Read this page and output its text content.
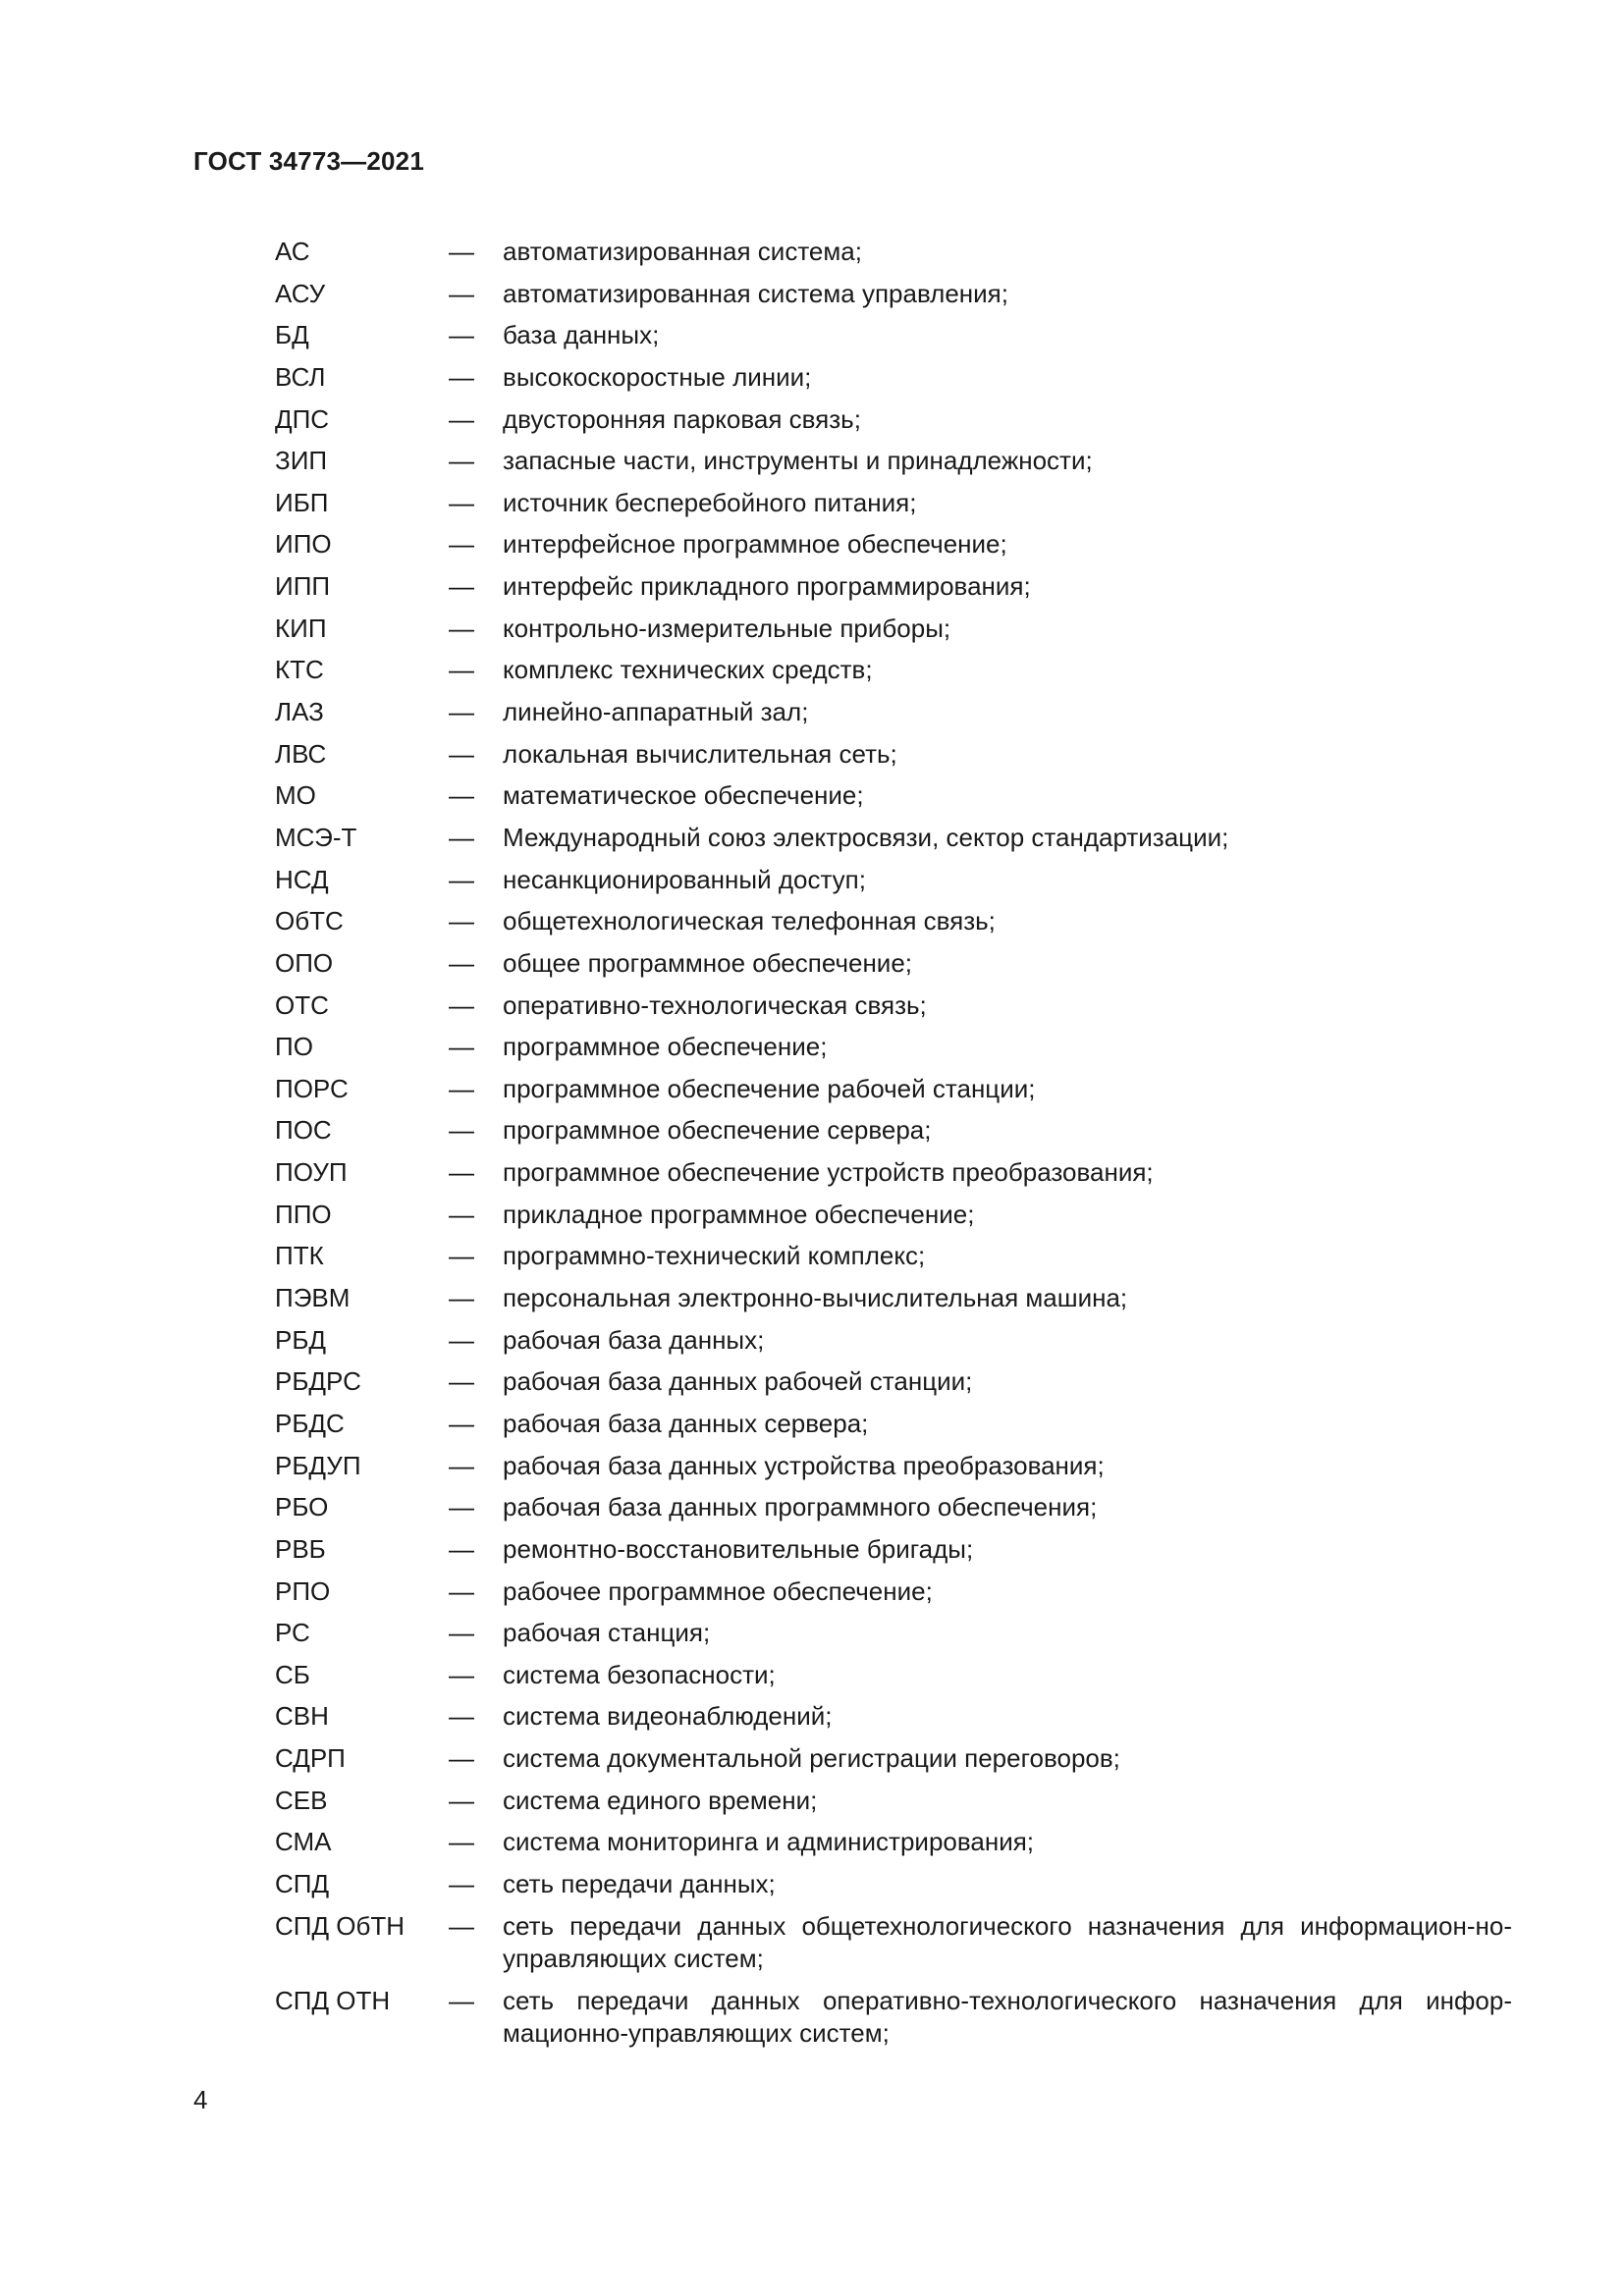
ГОСТ 34773—2021
АС	—	автоматизированная система;
АСУ	—	автоматизированная система управления;
БД	—	база данных;
ВСЛ	—	высокоскоростные линии;
ДПС	—	двусторонняя парковая связь;
ЗИП	—	запасные части, инструменты и принадлежности;
ИБП	—	источник бесперебойного питания;
ИПО	—	интерфейсное программное обеспечение;
ИПП	—	интерфейс прикладного программирования;
КИП	—	контрольно-измерительные приборы;
КТС	—	комплекс технических средств;
ЛАЗ	—	линейно-аппаратный зал;
ЛВС	—	локальная вычислительная сеть;
МО	—	математическое обеспечение;
МСЭ-Т	—	Международный союз электросвязи, сектор стандартизации;
НСД	—	несанкционированный доступ;
ОбТС	—	общетехнологическая телефонная связь;
ОПО	—	общее программное обеспечение;
ОТС	—	оперативно-технологическая связь;
ПО	—	программное обеспечение;
ПОРС	—	программное обеспечение рабочей станции;
ПОС	—	программное обеспечение сервера;
ПОУП	—	программное обеспечение устройств преобразования;
ППО	—	прикладное программное обеспечение;
ПТК	—	программно-технический комплекс;
ПЭВМ	—	персональная электронно-вычислительная машина;
РБД	—	рабочая база данных;
РБДРС	—	рабочая база данных рабочей станции;
РБДС	—	рабочая база данных сервера;
РБДУП	—	рабочая база данных устройства преобразования;
РБО	—	рабочая база данных программного обеспечения;
РВБ	—	ремонтно-восстановительные бригады;
РПО	—	рабочее программное обеспечение;
РС	—	рабочая станция;
СБ	—	система безопасности;
СВН	—	система видеонаблюдений;
СДРП	—	система документальной регистрации переговоров;
СЕВ	—	система единого времени;
СМА	—	система мониторинга и администрирования;
СПД	—	сеть передачи данных;
СПД ОбТН	—	сеть передачи данных общетехнологического назначения для информацион-но-управляющих систем;
СПД ОТН	—	сеть передачи данных оперативно-технологического назначения для инфор-мационно-управляющих систем;
4
